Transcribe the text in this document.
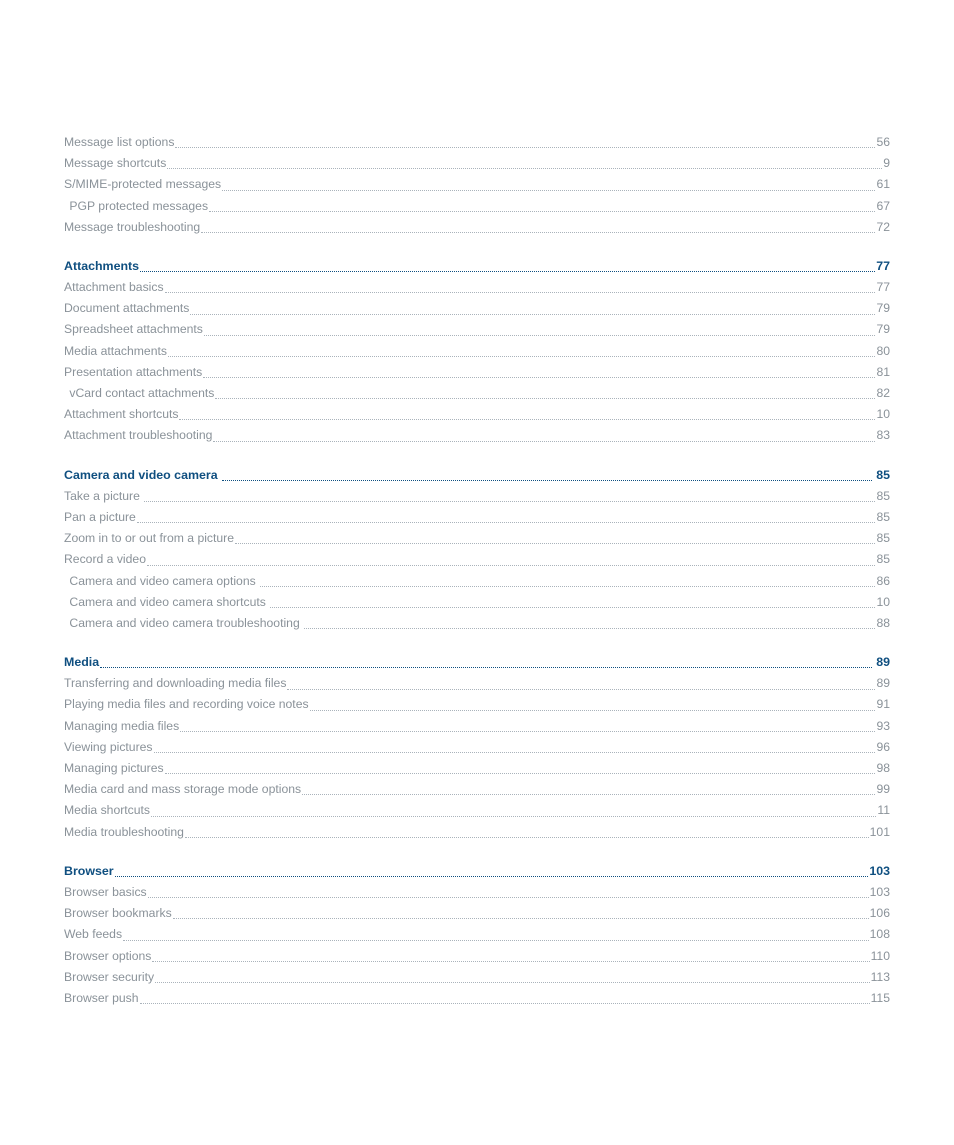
Message list options	56
Message shortcuts	9
S/MIME-protected messages	61
PGP protected messages	67
Message troubleshooting	72
Attachments	77
Attachment basics	77
Document attachments	79
Spreadsheet attachments	79
Media attachments	80
Presentation attachments	81
vCard contact attachments	82
Attachment shortcuts	10
Attachment troubleshooting	83
Camera and video camera	85
Take a picture	85
Pan a picture	85
Zoom in to or out from a picture	85
Record a video	85
Camera and video camera options	86
Camera and video camera shortcuts	10
Camera and video camera troubleshooting	88
Media	89
Transferring and downloading media files	89
Playing media files and recording voice notes	91
Managing media files	93
Viewing pictures	96
Managing pictures	98
Media card and mass storage mode options	99
Media shortcuts	11
Media troubleshooting	101
Browser	103
Browser basics	103
Browser bookmarks	106
Web feeds	108
Browser options	110
Browser security	113
Browser push	115
